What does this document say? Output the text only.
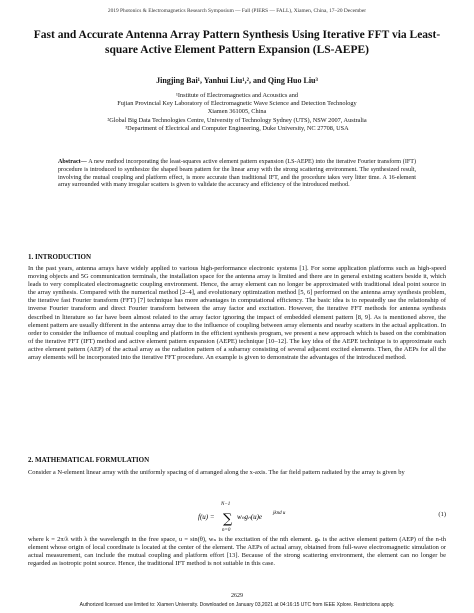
2019 Photonics & Electromagnetics Research Symposium — Fall (PIERS — FALL), Xiamen, China, 17–20 December
Fast and Accurate Antenna Array Pattern Synthesis Using Iterative FFT via Least-square Active Element Pattern Expansion (LS-AEPE)
Jingjing Bai¹, Yanhui Liu¹,², and Qing Huo Liu³
¹Institute of Electromagnetics and Acoustics and
Fujian Provincial Key Laboratory of Electromagnetic Wave Science and Detection Technology
Xiamen 361005, China
²Global Big Data Technologies Centre, University of Technology Sydney (UTS), NSW 2007, Australia
³Department of Electrical and Computer Engineering, Duke University, NC 27708, USA
Abstract— A new method incorporating the least-squares active element pattern expansion (LS-AEPE) into the iterative Fourier transform (IFT) procedure is introduced to synthesize the shaped beam pattern for the linear array with the strong scattering environment. The synthesized result, involving the mutual coupling and platform effect, is more accurate than traditional IFT, and the procedure takes very litter time. A 16-element array surrounded with many irregular scatters is given to validate the accuracy and efficiency of the introduced method.
1. INTRODUCTION
In the past years, antenna arrays have widely applied to various high-performance electronic systems [1]. For some application platforms such as high-speed moving objects and 5G communication terminals, the installation space for the antenna array is limited and there are in general existing scatters beside it, which leads to very complicated electromagnetic coupling environment. Hence, the array element can no longer be approximated with traditional ideal point source in the array synthesis. Compared with the numerical method [2–4], and evolutionary optimization method [5, 6] performed on the antenna array synthesis problem, the iterative fast Fourier transform (FFT) [7] technique has more advantages in computational efficiency. The basic idea is to repeatedly use the relationship of inverse Fourier transform and direct Fourier transform between the array factor and excitation. However, the iterative FFT methods for antenna synthesis described in literature so far have been almost related to the array factor ignoring the impact of embedded element pattern [8, 9]. As is mentioned above, the element pattern are usually different in the antenna array due to the influence of coupling between array elements and nearby scatters in the actual application. In order to consider the influence of mutual coupling and platform in the efficient synthesis program, we present a new approach which is based on the combination of the iterative FFT (IFT) method and active element pattern expansion (AEPE) technique [10–12]. The key idea of the AEPE technique is to approximate each active element pattern (AEP) of the actual array as the radiation pattern of a subarray consisting of several adjacent excited elements. Then, the AEPs for all the array elements will be incorporated into the iterative FFT procedure. An example is given to demonstrate the advantages of the introduced method.
2. MATHEMATICAL FORMULATION
Consider a N-element linear array with the uniformly spacing of d arranged along the x-axis. The far field pattern radiated by the array is given by
f(u) =
N−1
∑
n=0
wₙgₙ(u)e jknd u	(1)
where k = 2π/λ with λ the wavelength in the free space, u = sin(θ), wₙ is the excitation of the nth element. gₙ is the active element pattern (AEP) of the n-th element whose origin of local coordinate is located at the center of the element. The AEPs of actual array, obtained from full-wave electromagnetic simulation or actual measurement, can include the mutual coupling and platform effort [13]. Because of the strong scattering environment, the element can no longer be regarded as isotropic point source. Hence, the traditional IFT method is not suitable in this case.
2629
Authorized licensed use limited to: Xiamen University. Downloaded on January 03,2021 at 04:16:15 UTC from IEEE Xplore. Restrictions apply.
